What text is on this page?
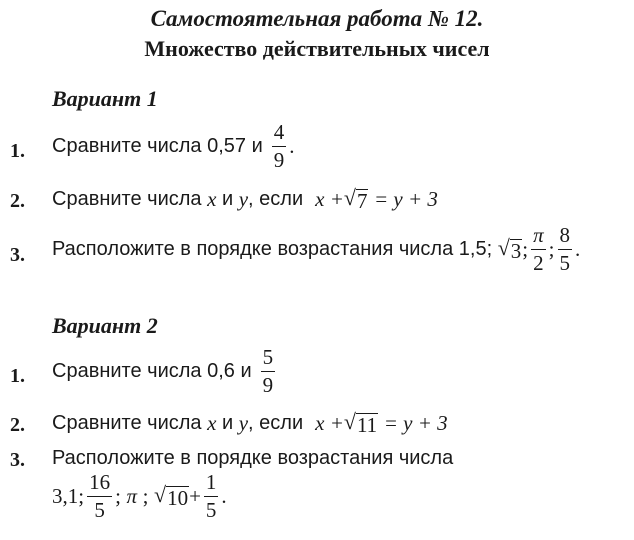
Самостоятельная работа № 12.
Множество действительных чисел
Вариант 1
1. Сравните числа 0,57 и $\frac{4}{9}$ .
2. Сравните числа
x
и
y , если x + √ 7
= y + 3
3. Расположите в порядке возрастания числа 1,5;
√ 3 ; $\frac{\pi}{2}$ ; $\frac{8}{5}$ .
Вариант 2
1. Сравните числа 0,6 и $\frac{5}{9}$
2. Сравните числа
x
и
y , если x + √ 11
= y + 3
3. Расположите в порядке возрастания числа
3,1; $\frac{16}{5}$ ;
π
;
√ $10 + \frac{1}{5}$ .
